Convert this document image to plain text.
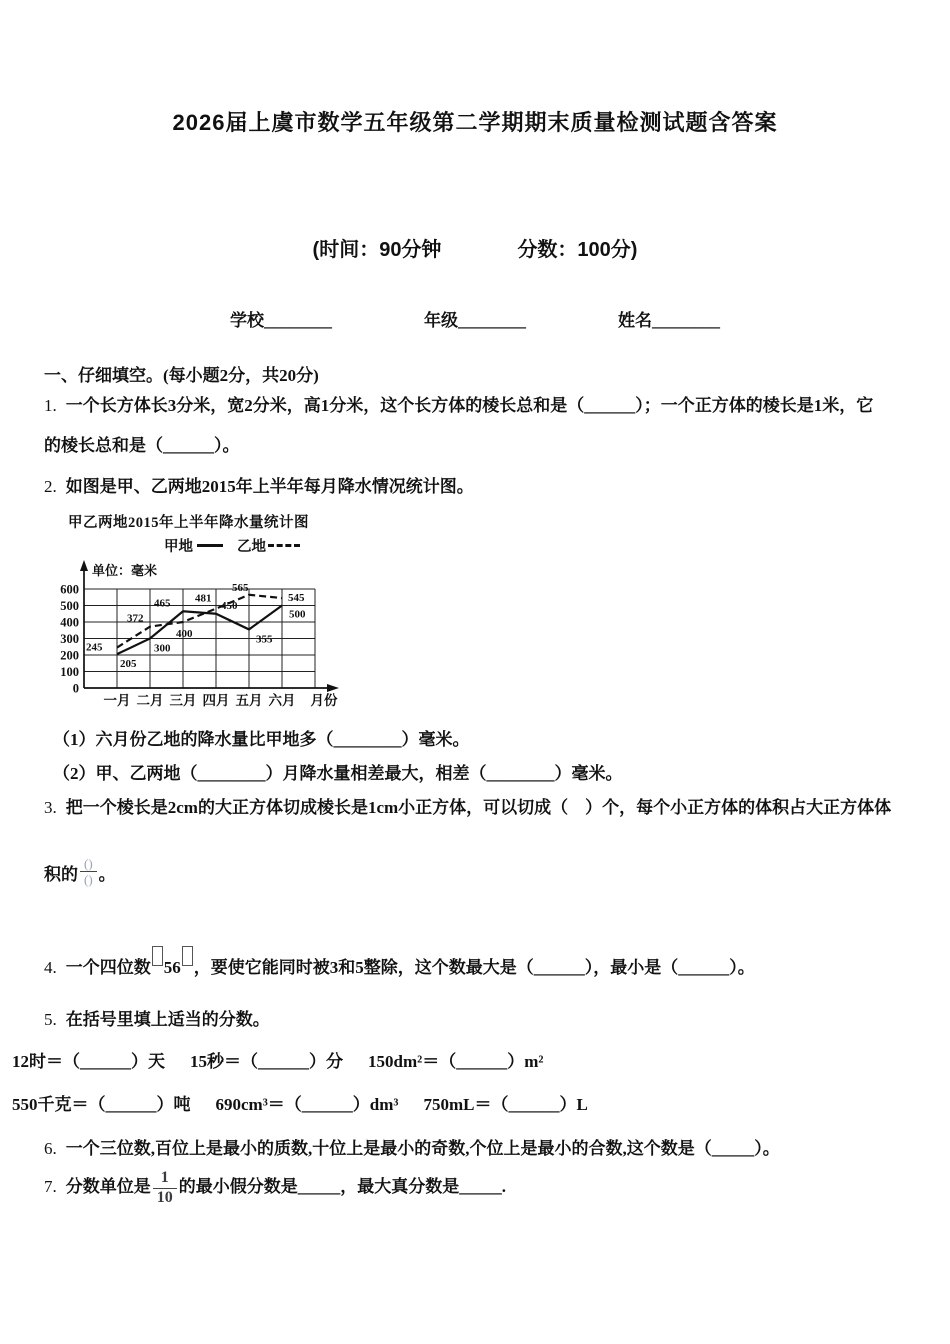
2026届上虞市数学五年级第二学期期末质量检测试题含答案
(时间：90分钟	分数：100分)
学校________	年级________	姓名________
一、仔细填空。(每小题2分，共20分)
1. 一个长方体长3分米，宽2分米，高1分米，这个长方体的棱长总和是（______）；一个正方体的棱长是1米，它
的棱长总和是（______）。
2. 如图是甲、乙两地2015年上半年每月降水情况统计图。
甲乙两地2015年上半年降水量统计图
甲地	乙地
0
100
200
300
400
500
600
单位：毫米
一月 二月 三月 四月 五月 六月 月份
205
300
465	450
355
500
245
372
400
481
565
545
（1）六月份乙地的降水量比甲地多（________）毫米。
（2）甲、乙两地（________）月降水量相差最大，相差（________）毫米。
3. 把一个棱长是2cm的大正方体切成棱长是1cm小正方体，可以切成（　）个，每个小正方体的体积占大正方体体
积的 $\frac{()}{()}$ 。
4. 一个四位数 56 ，要使它能同时被3和5整除，这个数最大是（______），最小是（______）。
5. 在括号里填上适当的分数。
12时＝（______）天 15秒＝（______）分 150dm²＝（______）m²
550千克＝（______）吨 690cm³＝（______）dm³ 750mL＝（______）L
6. 一个三位数,百位上是最小的质数,十位上是最小的奇数,个位上是最小的合数,这个数是（_____）。
7. 分数单位是 $\frac{1}{10}$ 的最小假分数是_____，最大真分数是_____.
